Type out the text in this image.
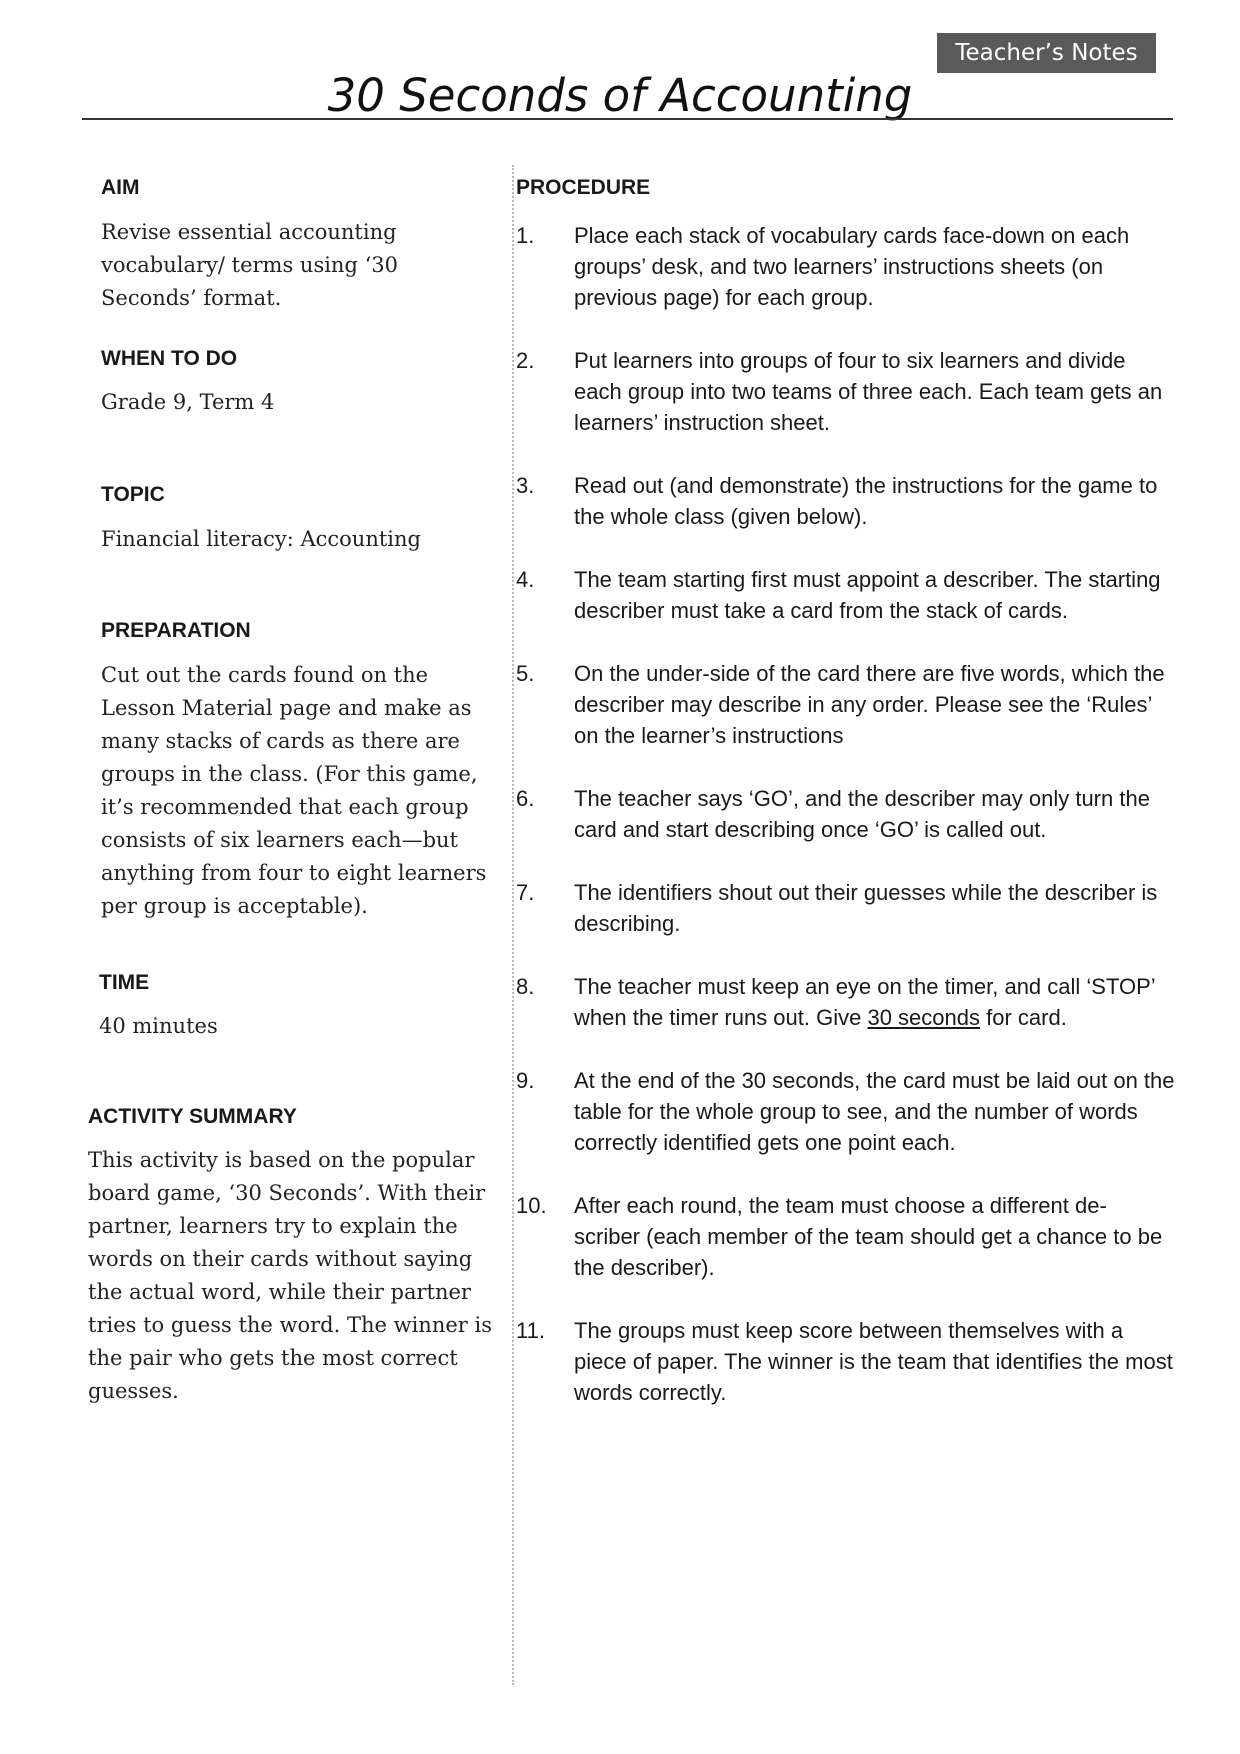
Teacher’s Notes
30 Seconds of Accounting
AIM
Revise essential accounting vocabulary/ terms using ‘30 Seconds’ format.
WHEN TO DO
Grade 9, Term 4
TOPIC
Financial literacy: Accounting
PREPARATION
Cut out the cards found on the Lesson Material page and make as many stacks of cards as there are groups in the class. (For this game, it’s recommended that each group consists of six learners each—but anything from four to eight learners per group is acceptable).
TIME
40 minutes
ACTIVITY SUMMARY
This activity is based on the popular board game, ‘30 Seconds’. With their partner, learners try to explain the words on their cards without saying the actual word, while their partner tries to guess the word. The winner is the pair who gets the most correct guesses.
PROCEDURE
1.	Place each stack of vocabulary cards face-down on each groups’ desk, and two learners’ instructions sheets (on previous page) for each group.
2.	Put learners into groups of four to six learners and divide each group into two teams of three each. Each team gets an learners’ instruction sheet.
3.	Read out (and demonstrate) the instructions for the game to the whole class (given below).
4.	The team starting first must appoint a describer. The starting describer must take a card from the stack of cards.
5.	On the under-side of the card there are five words, which the describer may describe in any order. Please see the ‘Rules’ on the learner’s instructions
6.	The teacher says ‘GO’, and the describer may only turn the card and start describing once ‘GO’ is called out.
7.	The identifiers shout out their guesses while the describer is describing.
8.	The teacher must keep an eye on the timer, and call ‘STOP’ when the timer runs out. Give 30 seconds for card.
9.	At the end of the 30 seconds, the card must be laid out on the table for the whole group to see, and the number of words correctly identified gets one point each.
10.	After each round, the team must choose a different de- scriber (each member of the team should get a chance to be the describer).
11.	The groups must keep score between themselves with a piece of paper. The winner is the team that identifies the most words correctly.
